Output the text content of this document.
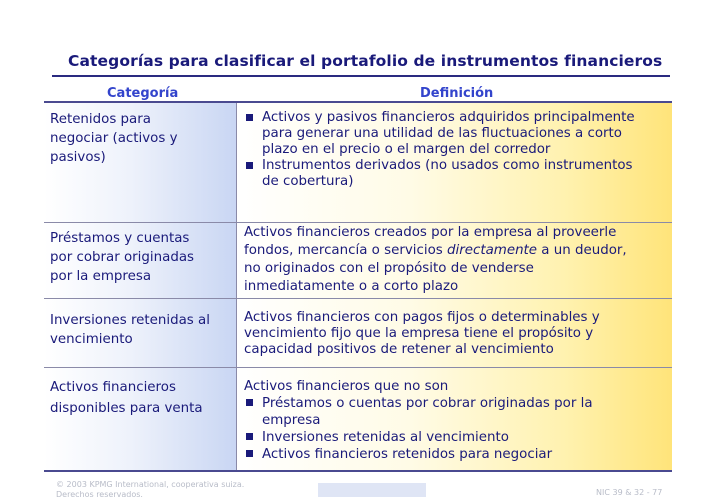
Categorías para clasificar el portafolio de instrumentos financieros
Categoría	Definición
Retenidos para
negociar (activos y
pasivos)
Activos y pasivos financieros adquiridos principalmente
para generar una utilidad de las fluctuaciones a corto
plazo en el precio o el margen del corredor
Instrumentos derivados (no usados como instrumentos
de cobertura)
Préstamos y cuentas
por cobrar originadas
por la empresa
Activos financieros creados por la empresa al proveerle
fondos, mercancía o servicios directamente a un deudor,
no originados con el propósito de venderse
inmediatamente o a corto plazo
Inversiones retenidas al
vencimiento
Activos financieros con pagos fijos o determinables y
vencimiento fijo que la empresa tiene el propósito y
capacidad positivos de retener al vencimiento
Activos financieros
disponibles para venta
Activos financieros que no son
Préstamos o cuentas por cobrar originadas por la
empresa
Inversiones retenidas al vencimiento
Activos financieros retenidos para negociar
© 2003 KPMG International, cooperativa suiza.
Derechos reservados.	NIC 39 & 32 - 77
